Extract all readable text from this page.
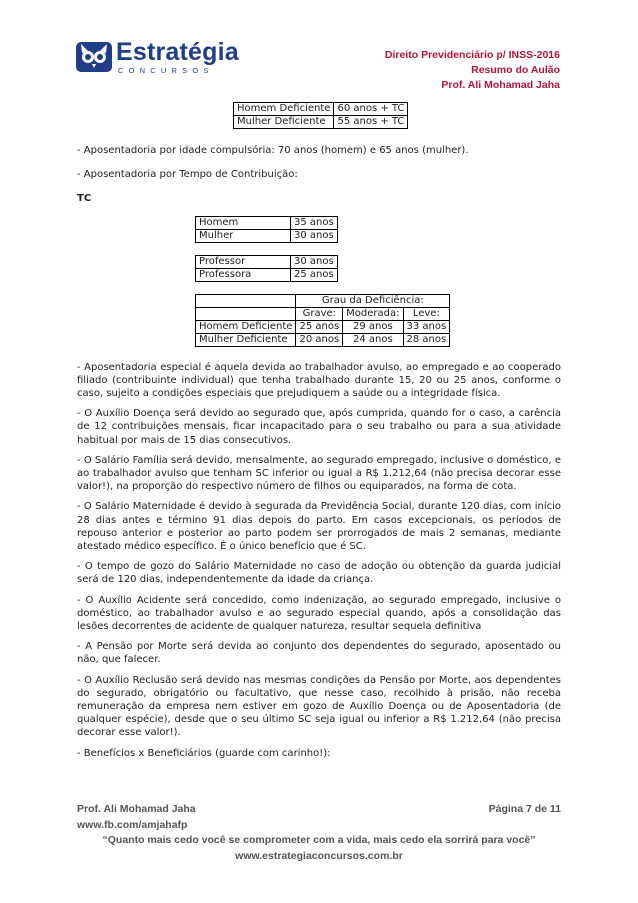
Estratégia
CONCURSOS
Direito Previdenciário p/ INSS-2016
Resumo do Aulão
Prof. Ali Mohamad Jaha
Homem Deficiente	60 anos + TC
Mulher Deficiente	55 anos + TC

- Aposentadoria por idade compulsória: 70 anos (homem) e 65 anos (mulher).

- Aposentadoria por Tempo de Contribuição:

TC

Homem	35 anos
Mulher	30 anos
Professor	30 anos
Professora	25 anos
	Grau da Deficiência:		
	Grave:	Moderada:	Leve:
Homem Deficiente	25 anos	29 anos	33 anos
Mulher Deficiente	20 anos	24 anos	28 anos

- Aposentadoria especial é aquela devida ao trabalhador avulso, ao empregado e ao cooperado filiado (contribuinte individual) que tenha trabalhado durante 15, 20 ou 25 anos, conforme o caso, sujeito a condições especiais que prejudiquem a saúde ou a integridade física.

- O Auxílio Doença será devido ao segurado que, após cumprida, quando for o caso, a carência de 12 contribuições mensais, ficar incapacitado para o seu trabalho ou para a sua atividade habitual por mais de 15 dias consecutivos.

- O Salário Família será devido, mensalmente, ao segurado empregado, inclusive o doméstico, e ao trabalhador avulso que tenham SC inferior ou igual a R$ 1.212,64 (não precisa decorar esse valor!), na proporção do respectivo número de filhos ou equiparados, na forma de cota.

- O Salário Maternidade é devido à segurada da Previdência Social, durante 120 dias, com início 28 dias antes e término 91 dias depois do parto. Em casos excepcionais, os períodos de repouso anterior e posterior ao parto podem ser prorrogados de mais 2 semanas, mediante atestado médico específico. É o único benefício que é SC.

- O tempo de gozo do Salário Maternidade no caso de adoção ou obtenção da guarda judicial será de 120 dias, independentemente da idade da criança.

- O Auxílio Acidente será concedido, como indenização, ao segurado empregado, inclusive o doméstico, ao trabalhador avulso e ao segurado especial quando, após a consolidação das lesões decorrentes de acidente de qualquer natureza, resultar sequela definitiva

- A Pensão por Morte será devida ao conjunto dos dependentes do segurado, aposentado ou não, que falecer.

- O Auxílio Reclusão será devido nas mesmas condições da Pensão por Morte, aos dependentes do segurado, obrigatório ou facultativo, que nesse caso, recolhido à prisão, não receba remuneração da empresa nem estiver em gozo de Auxílio Doença ou de Aposentadoria (de qualquer espécie), desde que o seu último SC seja igual ou inferior a R$ 1.212,64 (não precisa decorar esse valor!).

- Benefícios x Beneficiários (guarde com carinho!):

Prof. Ali Mohamad Jaha	Página 7 de 11
www.fb.com/amjahafp
“Quanto mais cedo você se comprometer com a vida, mais cedo ela sorrirá para você”
www.estrategiaconcursos.com.br
